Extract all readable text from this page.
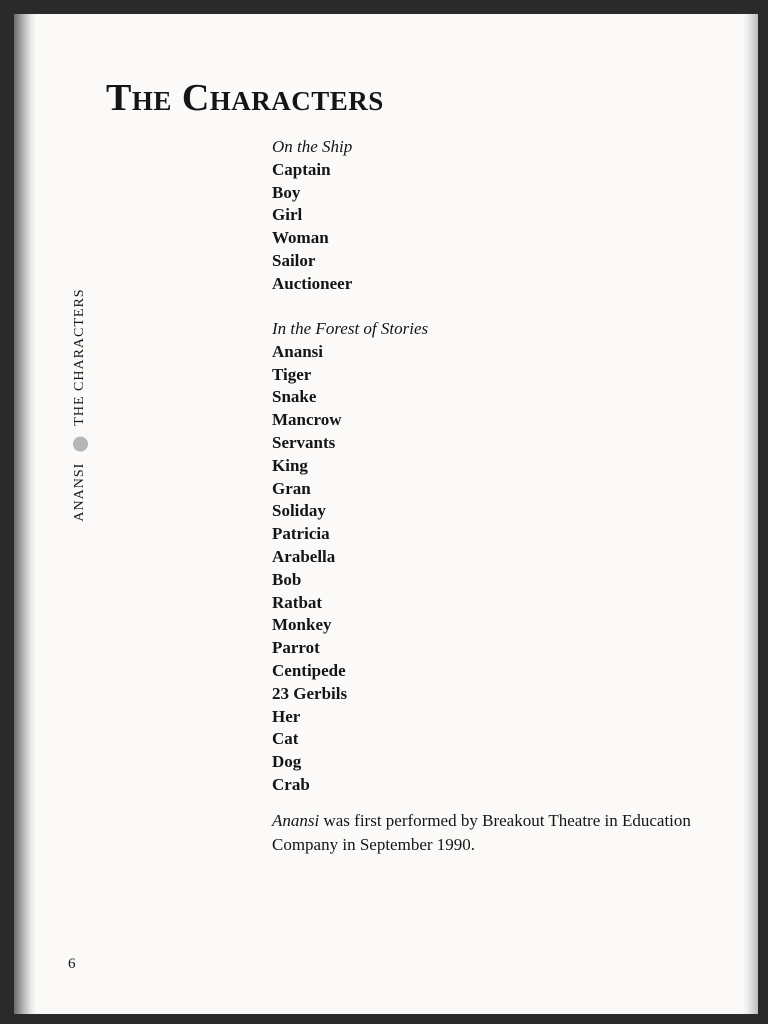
The Characters
ANANSI
THE CHARACTERS
On the Ship
Captain
Boy
Girl
Woman
Sailor
Auctioneer
In the Forest of Stories
Anansi
Tiger
Snake
Mancrow
Servants
King
Gran
Soliday
Patricia
Arabella
Bob
Ratbat
Monkey
Parrot
Centipede
23 Gerbils
Her
Cat
Dog
Crab
Anansi was first performed by Breakout Theatre in Education
Company in September 1990.
6
